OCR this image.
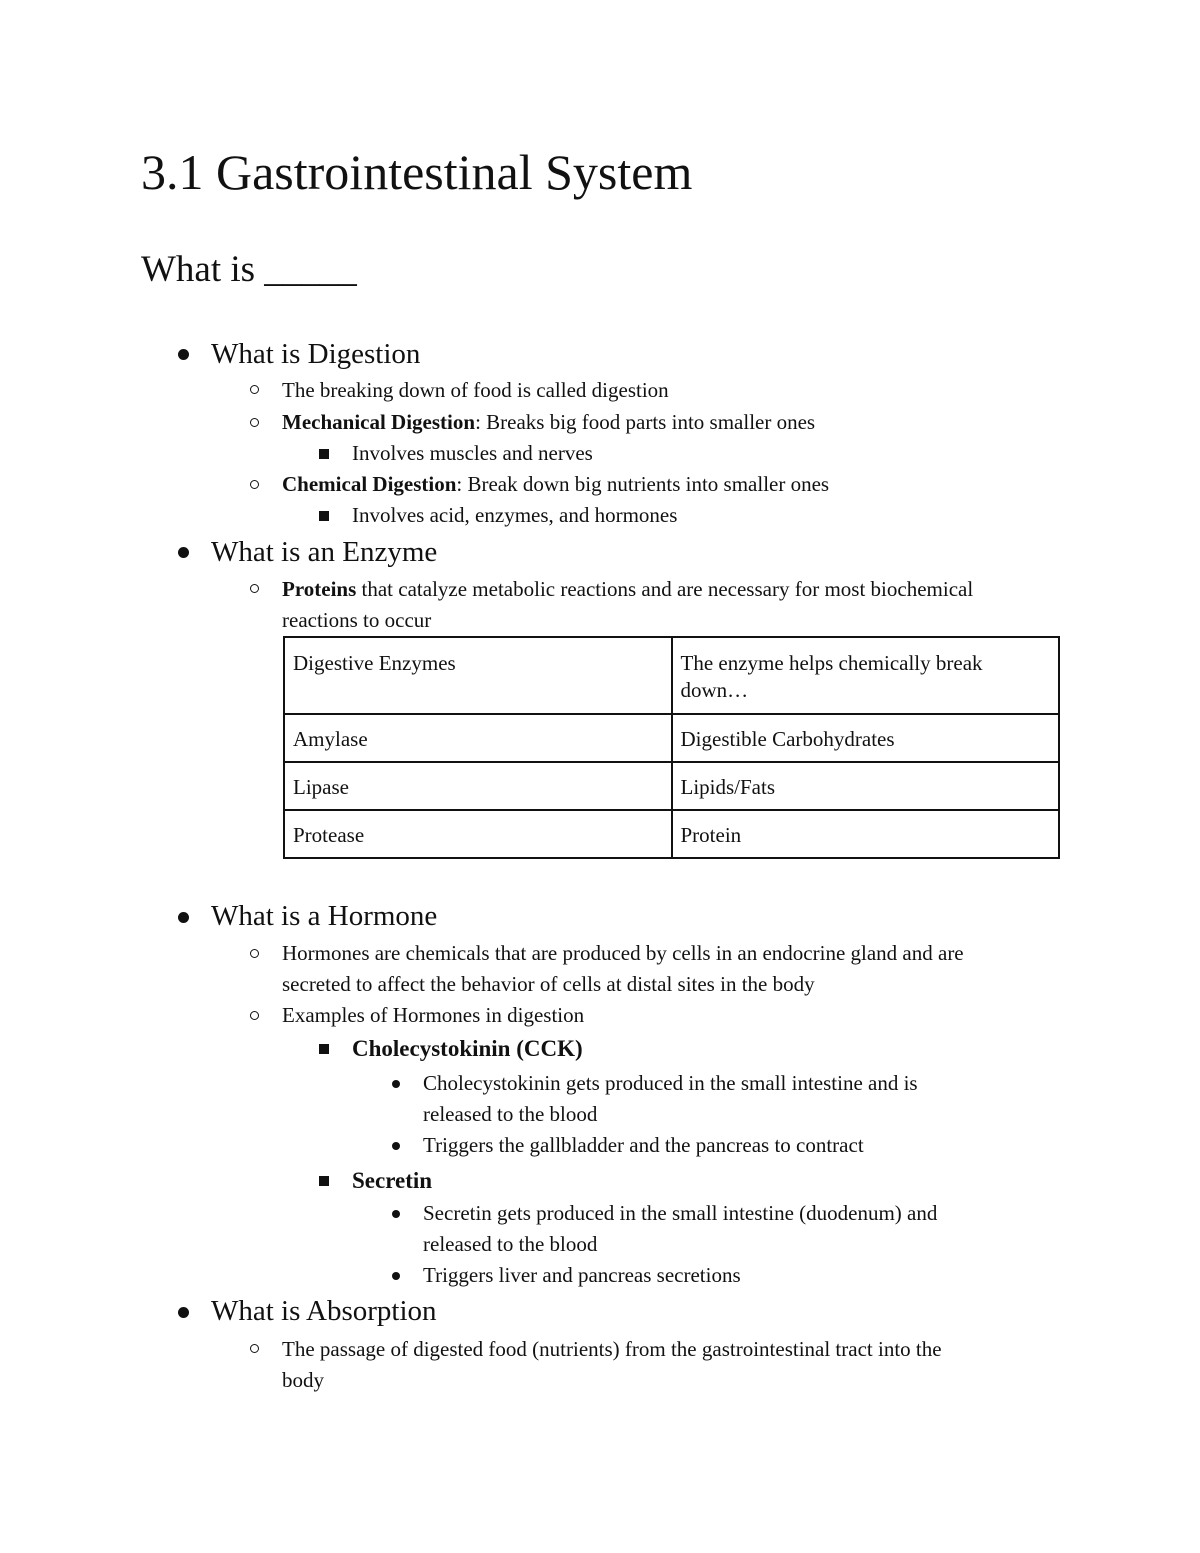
3.1 Gastrointestinal System
What is _____
What is Digestion
The breaking down of food is called digestion
Mechanical Digestion: Breaks big food parts into smaller ones
Involves muscles and nerves
Chemical Digestion: Break down big nutrients into smaller ones
Involves acid, enzymes, and hormones
What is an Enzyme
Proteins that catalyze metabolic reactions and are necessary for most biochemical
reactions to occur
Digestive Enzymes	The enzyme helps chemically break down…
Amylase	Digestible Carbohydrates
Lipase	Lipids/Fats
Protease	Protein
What is a Hormone
Hormones are chemicals that are produced by cells in an endocrine gland and are
secreted to affect the behavior of cells at distal sites in the body
Examples of Hormones in digestion
Cholecystokinin (CCK)
Cholecystokinin gets produced in the small intestine and is
released to the blood
Triggers the gallbladder and the pancreas to contract
Secretin
Secretin gets produced in the small intestine (duodenum) and
released to the blood
Triggers liver and pancreas secretions
What is Absorption
The passage of digested food (nutrients) from the gastrointestinal tract into the
body
